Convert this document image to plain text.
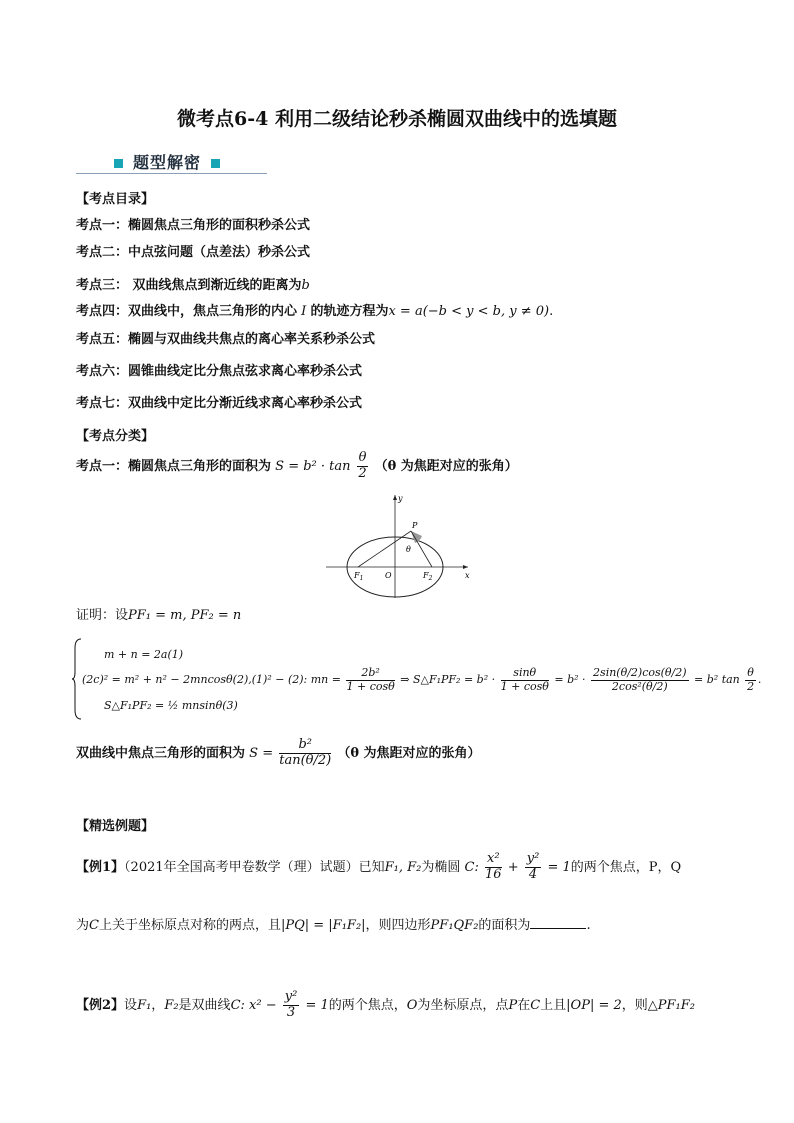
微考点6-4 利用二级结论秒杀椭圆双曲线中的选填题
题型解密
【考点目录】
考点一：椭圆焦点三角形的面积秒杀公式
考点二：中点弦问题（点差法）秒杀公式
考点三： 双曲线焦点到渐近线的距离为b
考点四：双曲线中，焦点三角形的内心 I 的轨迹方程为x = a(−b < y < b, y ≠ 0).
考点五：椭圆与双曲线共焦点的离心率关系秒杀公式
考点六：圆锥曲线定比分焦点弦求离心率秒杀公式
考点七：双曲线中定比分渐近线求离心率秒杀公式
【考点分类】
考点一：椭圆焦点三角形的面积为 $S = b^2 \cdot \tan \frac{\theta}{2} (\theta$ 为焦距对应的张角）
y
x
O
P
θ
$F_1$	$F_2$
证明：设PF₁ = m, PF₂ = n
m + n = 2a(1)
(2c)² = m² + n² − 2mncosθ(2),(1)² − (2): mn = $\frac{\text{2b²}}{1 + \cos\theta}$ ⇒ S△F₁PF₂ = $b^2 \cdot \frac{\sin\theta}{1 + \cos\theta} = b^2 \cdot \frac{2\sin(\theta/2)\cos(\theta/2)}{\text{2cos²(θ/2)}} = b^2$ $\tan \frac{\theta}{2}$ .
S△F₁PF₂ = ½ mnsinθ(3)
双曲线中焦点三角形的面积为 $S = \frac{\text{b²}}{\tan(\theta/2)} (\theta$ 为焦距对应的张角）
【精选例题】
【例1】（2021年全国高考甲卷数学（理）试题）已知F₁, F₂为椭圆 C: $\frac{\text{x²}}{16} + \frac{\text{y²}}{4} = 1$的两个焦点，P，Q
为C上关于坐标原点对称的两点，且|PQ| = |F₁F₂|，则四边形PF₁QF₂的面积为	.
【例2】设F₁，F₂是双曲线C: $x^2 - \frac{\text{y²}}{3} = 1$的两个焦点，O为坐标原点，点P在C上且|OP| = 2，则△PF₁F₂
